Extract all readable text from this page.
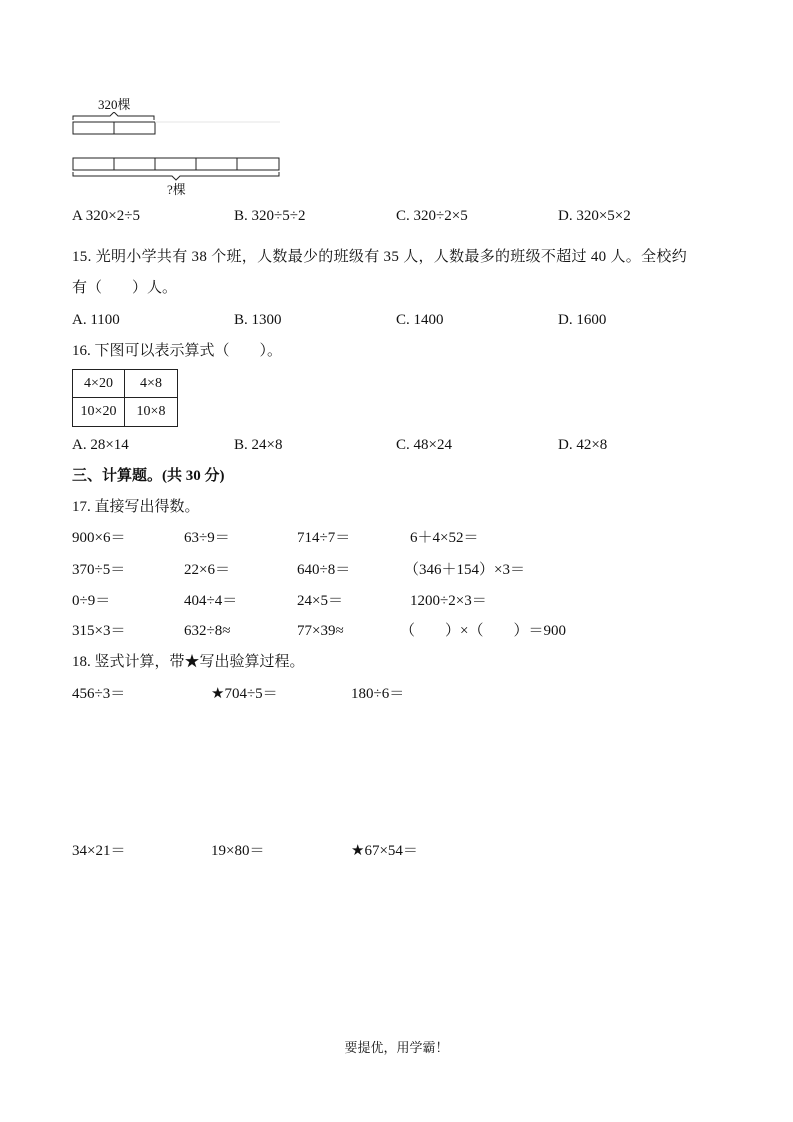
320棵
?棵
A 320×2÷5	B. 320÷5÷2	C. 320÷2×5	D. 320×5×2
15. 光明小学共有 38 个班，人数最少的班级有 35 人，人数最多的班级不超过 40 人。全校约
有（　　）人。
A. 1100	B. 1300	C. 1400	D. 1600
16. 下图可以表示算式（　　）。
4×20	4×8
10×20	10×8
A. 28×14	B. 24×8	C. 48×24	D. 42×8
三、计算题。(共 30 分)
17. 直接写出得数。
900×6＝	63÷9＝	714÷7＝	6＋4×52＝
370÷5＝	22×6＝	640÷8＝	（346＋154）×3＝
0÷9＝	404÷4＝	24×5＝	1200÷2×3＝
315×3＝	632÷8≈	77×39≈	（　　）×（　　）＝900
18. 竖式计算，带★写出验算过程。
456÷3＝	★704÷5＝	180÷6＝
34×21＝	19×80＝	★67×54＝
要提优，用学霸！
